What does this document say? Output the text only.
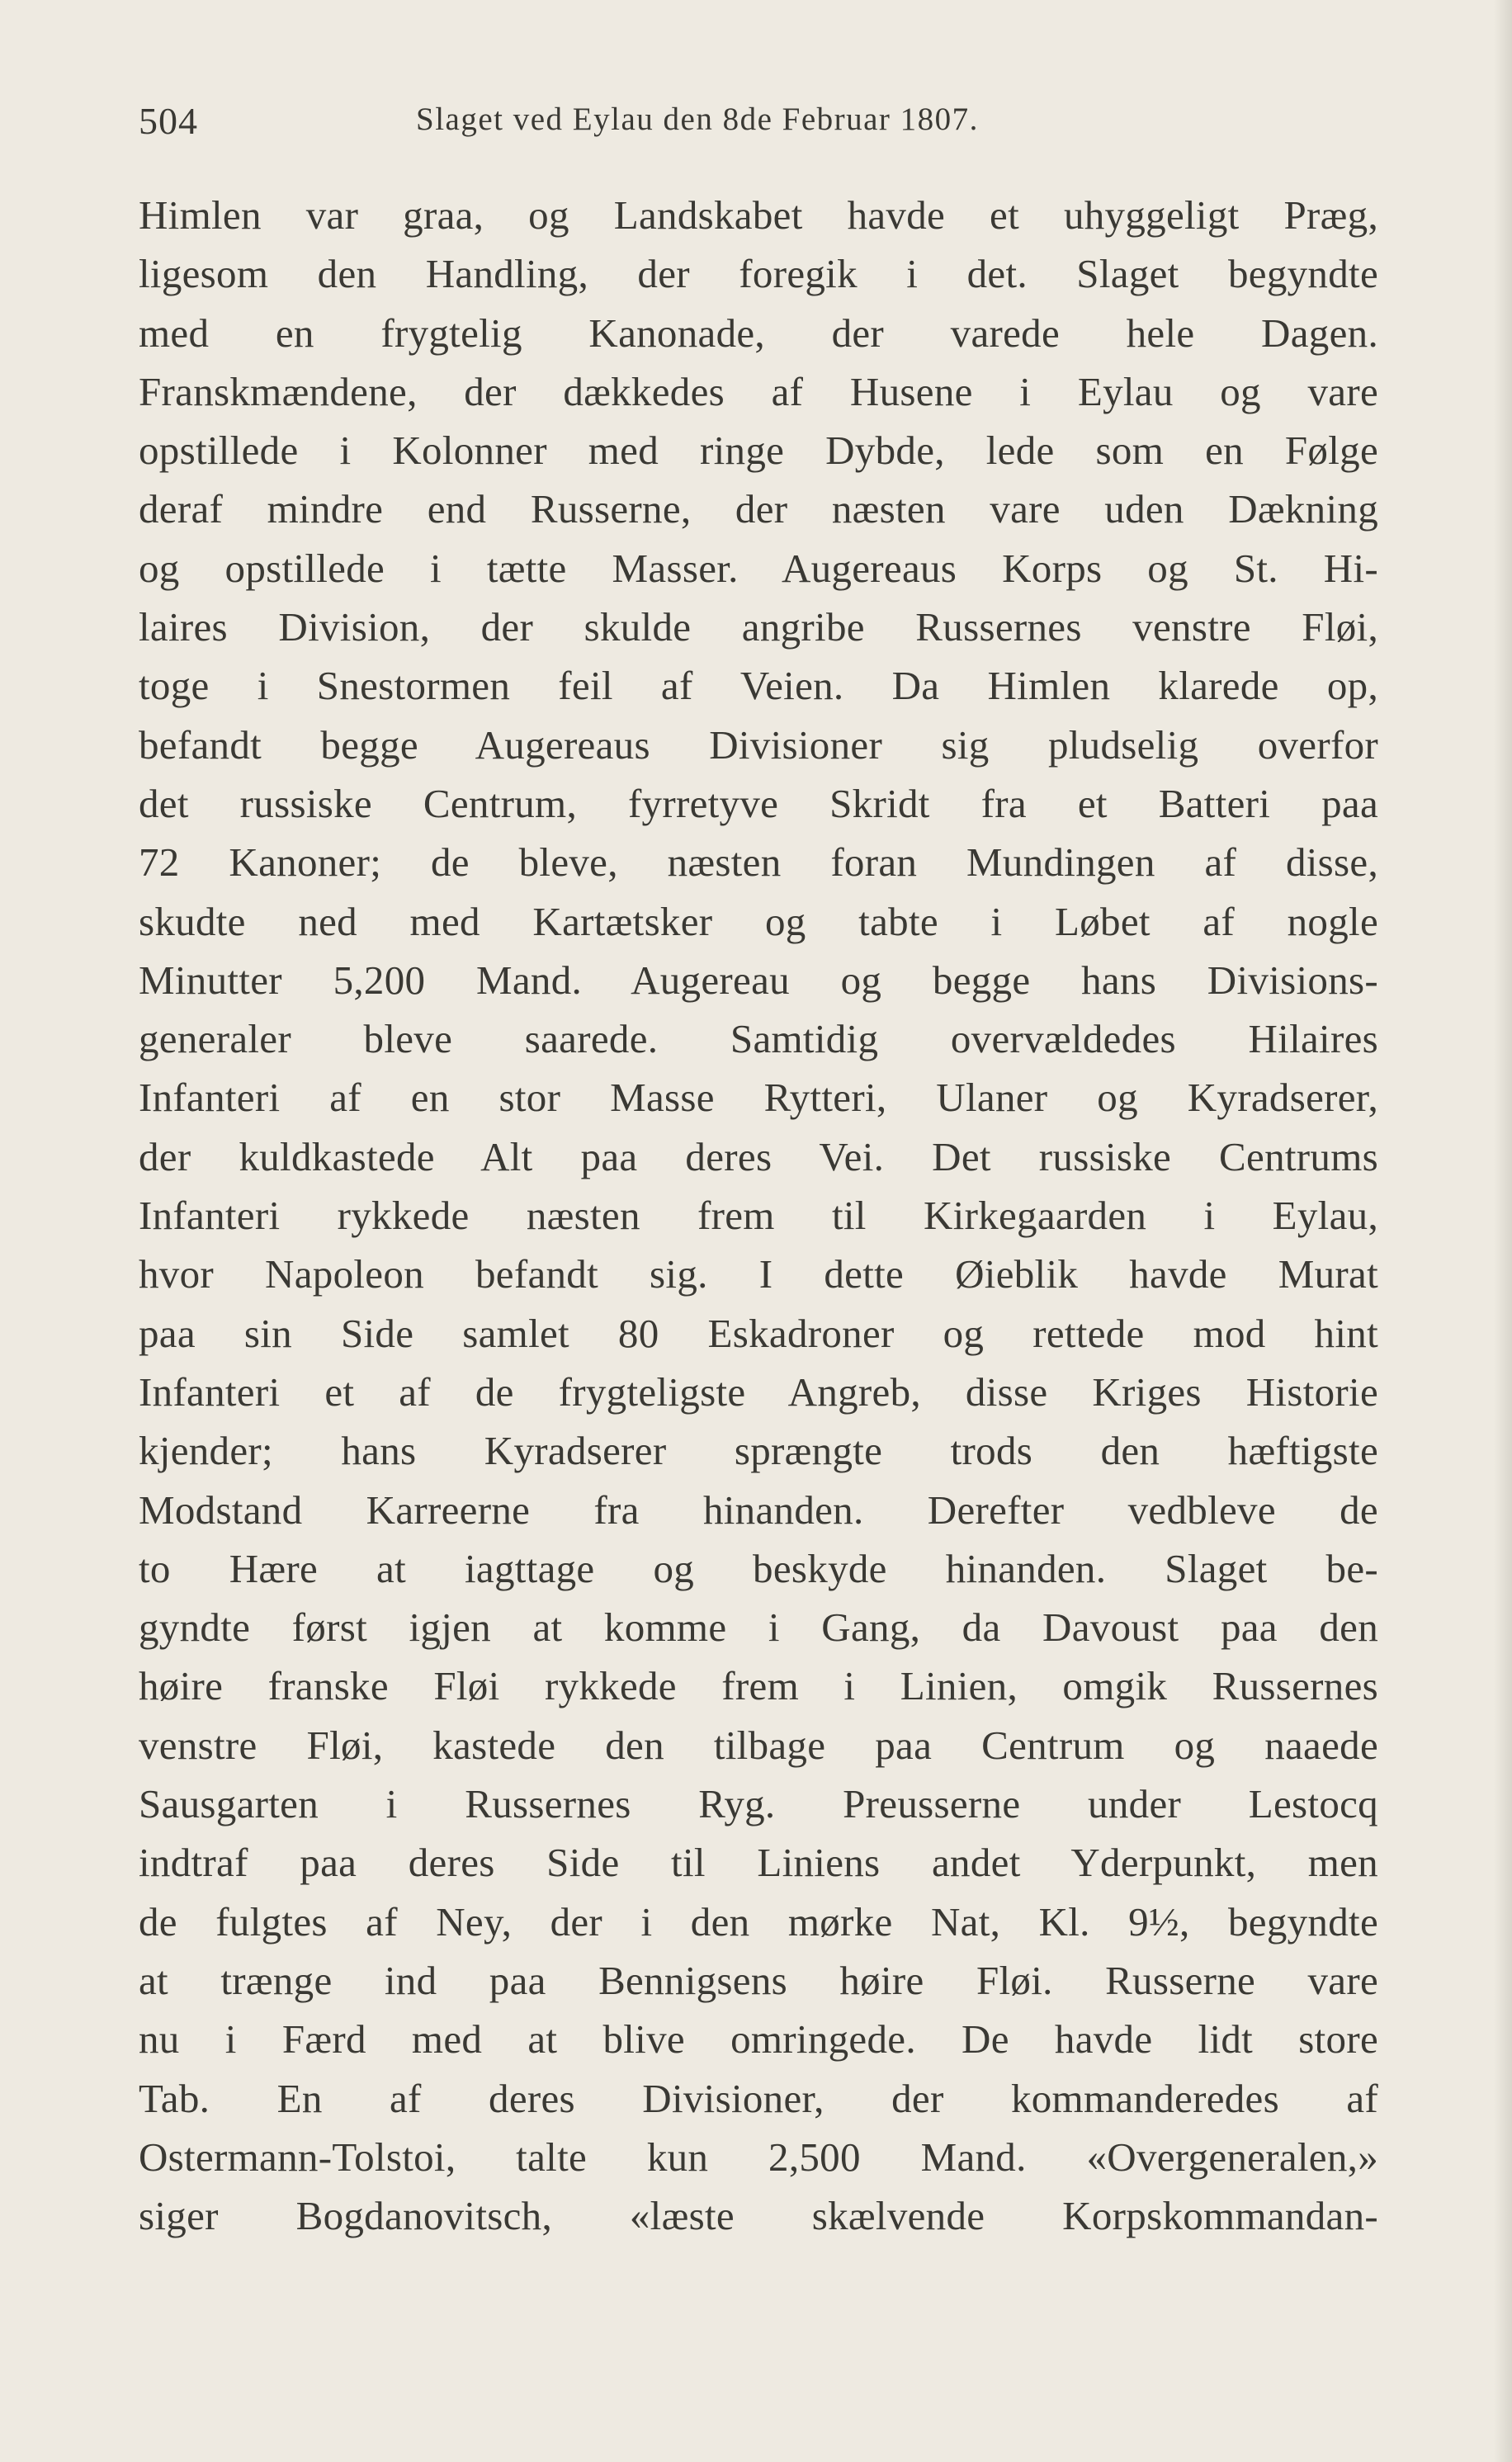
504	Slaget ved Eylau den 8de Februar 1807.
Himlen var graa, og Landskabet havde et uhyggeligt Præg,
ligesom den Handling, der foregik i det. Slaget begyndte
med en frygtelig Kanonade, der varede hele Dagen.
Franskmændene, der dækkedes af Husene i Eylau og vare
opstillede i Kolonner med ringe Dybde, lede som en Følge
deraf mindre end Russerne, der næsten vare uden Dækning
og opstillede i tætte Masser. Augereaus Korps og St. Hi-
laires Division, der skulde angribe Russernes venstre Fløi,
toge i Snestormen feil af Veien. Da Himlen klarede op,
befandt begge Augereaus Divisioner sig pludselig overfor
det russiske Centrum, fyrretyve Skridt fra et Batteri paa
72 Kanoner; de bleve, næsten foran Mundingen af disse,
skudte ned med Kartætsker og tabte i Løbet af nogle
Minutter 5,200 Mand. Augereau og begge hans Divisions-
generaler bleve saarede. Samtidig overvældedes Hilaires
Infanteri af en stor Masse Rytteri, Ulaner og Kyradserer,
der kuldkastede Alt paa deres Vei. Det russiske Centrums
Infanteri rykkede næsten frem til Kirkegaarden i Eylau,
hvor Napoleon befandt sig. I dette Øieblik havde Murat
paa sin Side samlet 80 Eskadroner og rettede mod hint
Infanteri et af de frygteligste Angreb, disse Kriges Historie
kjender; hans Kyradserer sprængte trods den hæftigste
Modstand Karreerne fra hinanden. Derefter vedbleve de
to Hære at iagttage og beskyde hinanden. Slaget be-
gyndte først igjen at komme i Gang, da Davoust paa den
høire franske Fløi rykkede frem i Linien, omgik Russernes
venstre Fløi, kastede den tilbage paa Centrum og naaede
Sausgarten i Russernes Ryg. Preusserne under Lestocq
indtraf paa deres Side til Liniens andet Yderpunkt, men
de fulgtes af Ney, der i den mørke Nat, Kl. 9½, begyndte
at trænge ind paa Bennigsens høire Fløi. Russerne vare
nu i Færd med at blive omringede. De havde lidt store
Tab. En af deres Divisioner, der kommanderedes af
Ostermann-Tolstoi, talte kun 2,500 Mand. «Overgeneralen,»
siger Bogdanovitsch, «læste skælvende Korpskommandan-
